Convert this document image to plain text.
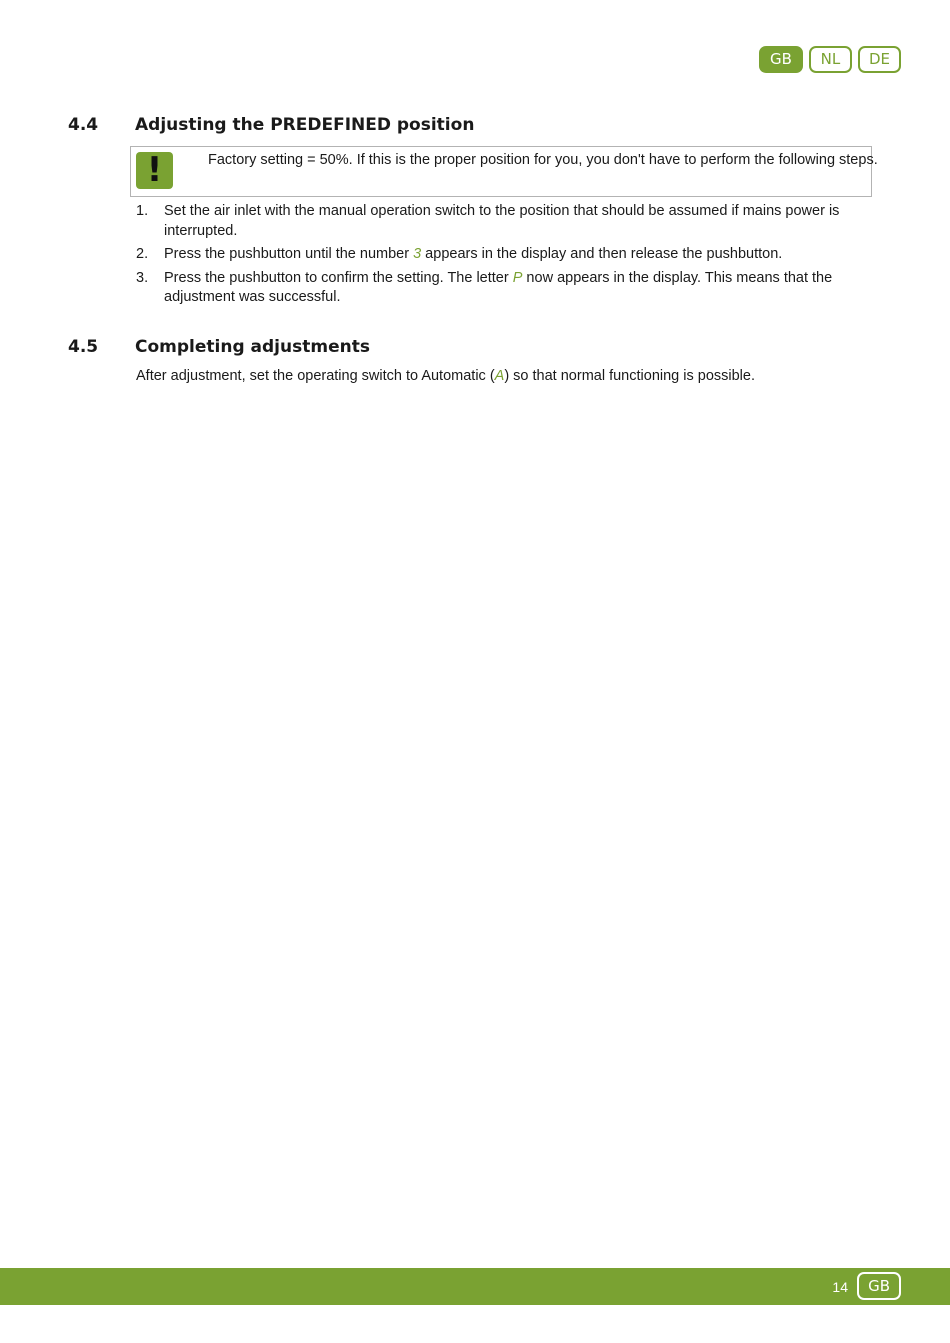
GB	NL	DE
4.4 Adjusting the PREDEFINED position
!	Factory setting = 50%. If this is the proper position for you, you don't have to perform the following steps.
1. Set the air inlet with the manual operation switch to the position that should be assumed if mains power is interrupted.
2. Press the pushbutton until the number 3 appears in the display and then release the pushbutton.
3. Press the pushbutton to confirm the setting. The letter P now appears in the display. This means that the adjustment was successful.
4.5 Completing adjustments
After adjustment, set the operating switch to Automatic (A) so that normal functioning is possible.
14	GB
